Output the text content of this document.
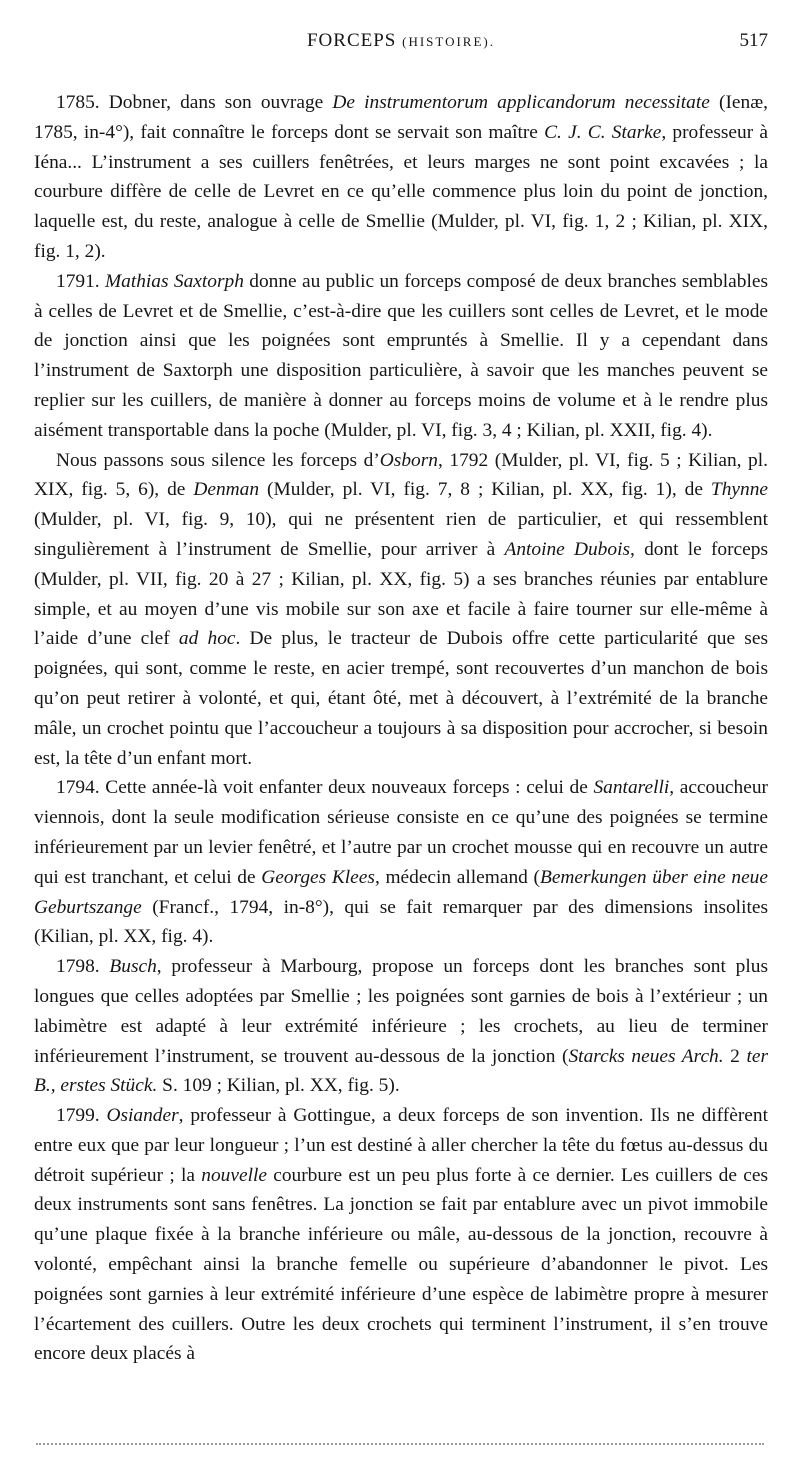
FORCEPS (HISTOIRE).	517

1785. Dobner, dans son ouvrage De instrumentorum applicandorum necessitate (Ienæ, 1785, in-4°), fait connaître le forceps dont se servait son maître C. J. C. Starke, professeur à Iéna... L’instrument a ses cuillers fenêtrées, et leurs marges ne sont point excavées ; la courbure diffère de celle de Levret en ce qu’elle commence plus loin du point de jonction, laquelle est, du reste, analogue à celle de Smellie (Mulder, pl. VI, fig. 1, 2 ; Kilian, pl. XIX, fig. 1, 2).

1791. Mathias Saxtorph donne au public un forceps composé de deux branches semblables à celles de Levret et de Smellie, c’est-à-dire que les cuillers sont celles de Levret, et le mode de jonction ainsi que les poignées sont empruntés à Smellie. Il y a cependant dans l’instrument de Saxtorph une disposition particulière, à savoir que les manches peuvent se replier sur les cuillers, de manière à donner au forceps moins de volume et à le rendre plus aisément transportable dans la poche (Mulder, pl. VI, fig. 3, 4 ; Kilian, pl. XXII, fig. 4).

Nous passons sous silence les forceps d’Osborn, 1792 (Mulder, pl. VI, fig. 5 ; Kilian, pl. XIX, fig. 5, 6), de Denman (Mulder, pl. VI, fig. 7, 8 ; Kilian, pl. XX, fig. 1), de Thynne (Mulder, pl. VI, fig. 9, 10), qui ne présentent rien de particulier, et qui ressemblent singulièrement à l’instrument de Smellie, pour arriver à Antoine Dubois, dont le forceps (Mulder, pl. VII, fig. 20 à 27 ; Kilian, pl. XX, fig. 5) a ses branches réunies par entablure simple, et au moyen d’une vis mobile sur son axe et facile à faire tourner sur elle-même à l’aide d’une clef ad hoc. De plus, le tracteur de Dubois offre cette particularité que ses poignées, qui sont, comme le reste, en acier trempé, sont recouvertes d’un manchon de bois qu’on peut retirer à volonté, et qui, étant ôté, met à découvert, à l’extrémité de la branche mâle, un crochet pointu que l’accoucheur a toujours à sa disposition pour accrocher, si besoin est, la tête d’un enfant mort.

1794. Cette année-là voit enfanter deux nouveaux forceps : celui de Santarelli, accoucheur viennois, dont la seule modification sérieuse consiste en ce qu’une des poignées se termine inférieurement par un levier fenêtré, et l’autre par un crochet mousse qui en recouvre un autre qui est tranchant, et celui de Georges Klees, médecin allemand (Bemerkungen über eine neue Geburtszange (Francf., 1794, in-8°), qui se fait remarquer par des dimensions insolites (Kilian, pl. XX, fig. 4).

1798. Busch, professeur à Marbourg, propose un forceps dont les branches sont plus longues que celles adoptées par Smellie ; les poignées sont garnies de bois à l’extérieur ; un labimètre est adapté à leur extrémité inférieure ; les crochets, au lieu de terminer inférieurement l’instrument, se trouvent au-dessous de la jonction (Starcks neues Arch. 2 ter B., erstes Stück. S. 109 ; Kilian, pl. XX, fig. 5).

1799. Osiander, professeur à Gottingue, a deux forceps de son invention. Ils ne diffèrent entre eux que par leur longueur ; l’un est destiné à aller chercher la tête du fœtus au-dessus du détroit supérieur ; la nouvelle courbure est un peu plus forte à ce dernier. Les cuillers de ces deux instruments sont sans fenêtres. La jonction se fait par entablure avec un pivot immobile qu’une plaque fixée à la branche inférieure ou mâle, au-dessous de la jonction, recouvre à volonté, empêchant ainsi la branche femelle ou supérieure d’abandonner le pivot. Les poignées sont garnies à leur extrémité inférieure d’une espèce de labimètre propre à mesurer l’écartement des cuillers. Outre les deux crochets qui terminent l’instrument, il s’en trouve encore deux placés à
